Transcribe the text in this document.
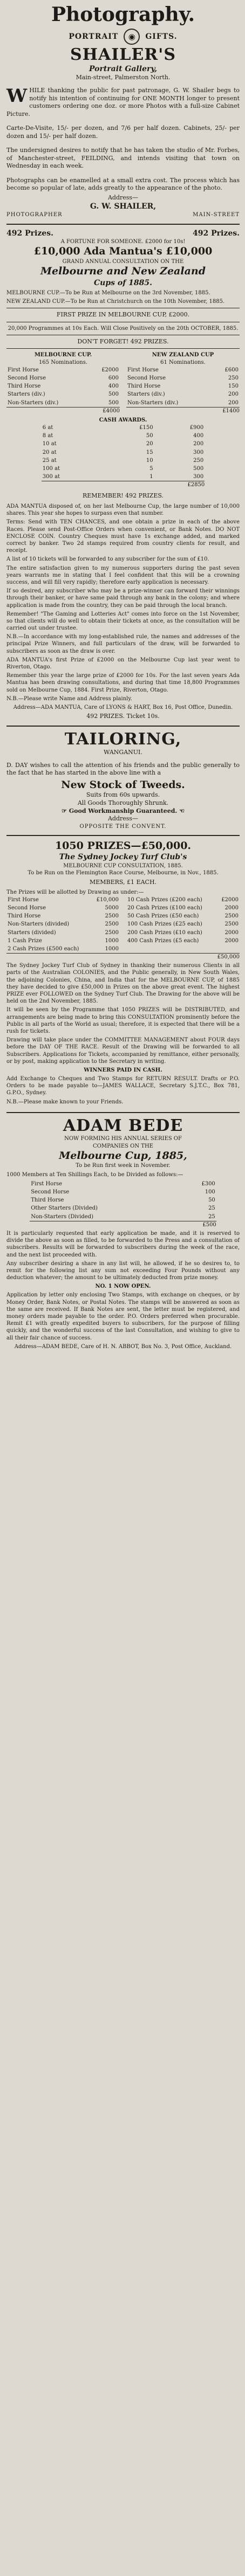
Photography.
PORTRAIT	◉	GIFTS.
SHAILER'S
Portrait Gallery,
Main-street, Palmerston North.

WHILE thanking the public for past patronage, G. W. Shailer begs to notify his intention of continuing for ONE MONTH longer to present customers ordering one doz. or more Photos with a full-size Cabinet Picture.

Carte-De-Visite, 15/- per dozen, and 7/6 per half dozen. Cabinets, 25/- per dozen and 15/- per half dozen.

The undersigned desires to notify that he has taken the studio of Mr. Forbes, of Manchester-street, FEILDING, and intends visiting that town on Wednesday in each week.

Photographs can be enamelled at a small extra cost. The process which has become so popular of late, adds greatly to the appearance of the photo.

Address—
G. W. SHAILER,
PHOTOGRAPHER	MAIN-STREET
492 Prizes.	492 Prizes.
A FORTUNE FOR SOMEONE. £2000 for 10s!
£10,000 Ada Mantua's £10,000
GRAND ANNUAL CONSULTATION ON THE
Melbourne and New Zealand
Cups of 1885.

MELBOURNE CUP.—To be Run at Melbourne on the 3rd November, 1885.

NEW ZEALAND CUP.—To be Run at Christchurch on the 10th November, 1885.

FIRST PRIZE IN MELBOURNE CUP, £2000.
20,000 Programmes at 10s Each. Will Close Positively on the 20th OCTOBER, 1885.
DON'T FORGET! 492 PRIZES.
MELBOURNE CUP.
165 Nominations.
First Horse	£2000
Second Horse	600
Third Horse	400
Starters (div.)	500
Non-Starters (div.)	500
£4000
NEW ZEALAND CUP
61 Nominations.
First Horse	£600
Second Horse	250
Third Horse	150
Starters (div.)	200
Non-Starters (div.)	200
£1400
CASH AWARDS.
6 at	£150	£900
8 at	50	400
10 at	20	200
20 at	15	300
25 at	10	250
100 at	5	500
300 at	1	300
£2850
REMEMBER! 492 PRIZES.

ADA MANTUA disposed of, on her last Melbourne Cup, the large number of 10,000 shares. This year she hopes to surpass even that number.

Terms: Send with TEN CHANCES, and one obtain a prize in each of the above Races. Please send Post-Office Orders when convenient, or Bank Notes. DO NOT ENCLOSE COIN. Country Cheques must have 1s exchange added, and marked correct by banker. Two 2d stamps required from country clients for result, and receipt.

A list of 10 tickets will be forwarded to any subscriber for the sum of £10.

The entire satisfaction given to my numerous supporters during the past seven years warrants me in stating that I feel confident that this will be a crowning success, and will fill very rapidly; therefore early application is necessary.

If so desired, any subscriber who may be a prize-winner can forward their winnings through their banker, or have same paid through any bank in the colony; and where application is made from the country, they can be paid through the local branch.

Remember! "The Gaming and Lotteries Act" comes into force on the 1st November, so that clients will do well to obtain their tickets at once, as the consultation will be carried out under trustee.

N.B.—In accordance with my long-established rule, the names and addresses of the principal Prize Winners, and full particulars of the draw, will be forwarded to subscribers as soon as the draw is over.

ADA MANTUA's first Prize of £2000 on the Melbourne Cup last year went to Riverton, Otago.

Remember this year the large prize of £2000 for 10s. For the last seven years Ada Mantua has been drawing consultations, and during that time 18,800 Programmes sold on Melbourne Cup, 1884. First Prize, Riverton, Otago.

N.B.—Please write Name and Address plainly.

Address—ADA MANTUA, Care of LYONS & HART, Box 16, Post Office, Dunedin.

492 PRIZES. Ticket 10s.
TAILORING,
WANGANUI.

D. DAY wishes to call the attention of his friends and the public generally to the fact that he has started in the above line with a

New Stock of Tweeds.
Suits from 60s upwards.
All Goods Thoroughly Shrunk.
☞ Good Workmanship Guaranteed. ☜
Address—
OPPOSITE THE CONVENT.
1050 PRIZES—£50,000.
The Sydney Jockey Turf Club's
MELBOURNE CUP CONSULTATION, 1885.
To be Run on the Flemington Race Course, Melbourne, in Nov., 1885.
MEMBERS, £1 EACH.
The Prizes will be allotted by Drawing as under:—
First Horse	£10,000
Second Horse	5000
Third Horse	2500
Non-Starters (divided)	2500
Starters (divided)	2500
1 Cash Prize	1000
2 Cash Prizes (£500 each)	1000
10 Cash Prizes (£200 each)	£2000
20 Cash Prizes (£100 each)	2000
50 Cash Prizes (£50 each)	2500
100 Cash Prizes (£25 each)	2500
200 Cash Prizes (£10 each)	2000
400 Cash Prizes (£5 each)	2000
£50,000

The Sydney Jockey Turf Club of Sydney in thanking their numerous Clients in all parts of the Australian COLONIES, and the Public generally, in New South Wales, the adjoining Colonies, China, and India that for the MELBOURNE CUP, of 1885 they have decided to give £50,000 in Prizes on the above great event. The highest PRIZE ever FOLLOWED on the Sydney Turf Club. The Drawing for the above will be held on the 2nd November, 1885.

It will be seen by the Programme that 1050 PRIZES will be DISTRIBUTED, and arrangements are being made to bring this CONSULTATION prominently before the Public in all parts of the World as usual; therefore, it is expected that there will be a rush for tickets.

Drawing will take place under the COMMITTEE MANAGEMENT about FOUR days before the DAY OF THE RACE. Result of the Drawing will be forwarded to all Subscribers. Applications for Tickets, accompanied by remittance, either personally, or by post, making application to the Secretary in writing.

WINNERS PAID IN CASH.

Add Exchange to Cheques and Two Stamps for RETURN RESULT. Drafts or P.O. Orders to be made payable to—JAMES WALLACE, Secretary S.J.T.C., Box 781, G.P.O., Sydney.

N.B.—Please make known to your Friends.

ADAM BEDE
NOW FORMING HIS ANNUAL SERIES OF
COMPANIES ON THE
Melbourne Cup, 1885,
To be Run first week in November.

1000 Members at Ten Shillings Each, to be Divided as follows:—

First Horse	£300
Second Horse	100
Third Horse	50
Other Starters (Divided)	25
Non-Starters (Divided)	25
£500

It is particularly requested that early application be made, and it is reserved to divide the above as soon as filled, to be forwarded to the Press and a consultation of subscribers. Results will be forwarded to subscribers during the week of the race, and the next list proceeded with.

Any subscriber desiring a share in any list will, he allowed, if he so desires to, to remit for the following list any sum not exceeding Four Pounds without any deduction whatever; the amount to be ultimately deducted from prize money.

NO. 1 NOW OPEN.

Application by letter only enclosing Two Stamps, with exchange on cheques, or by Money Order, Bank Notes, or Postal Notes. The stamps will be answered as soon as the same are received. If Bank Notes are sent, the letter must be registered, and money orders made payable to the order. P.O. Orders preferred when procurable. Remit £1 with greatly expedited buyers to subscribers, for the purpose of filling quickly, and the wonderful success of the last Consultation, and wishing to give to all their fair chance of success.

Address—ADAM BEDE, Care of H. N. ABBOT, Box No. 3, Post Office, Auckland.
